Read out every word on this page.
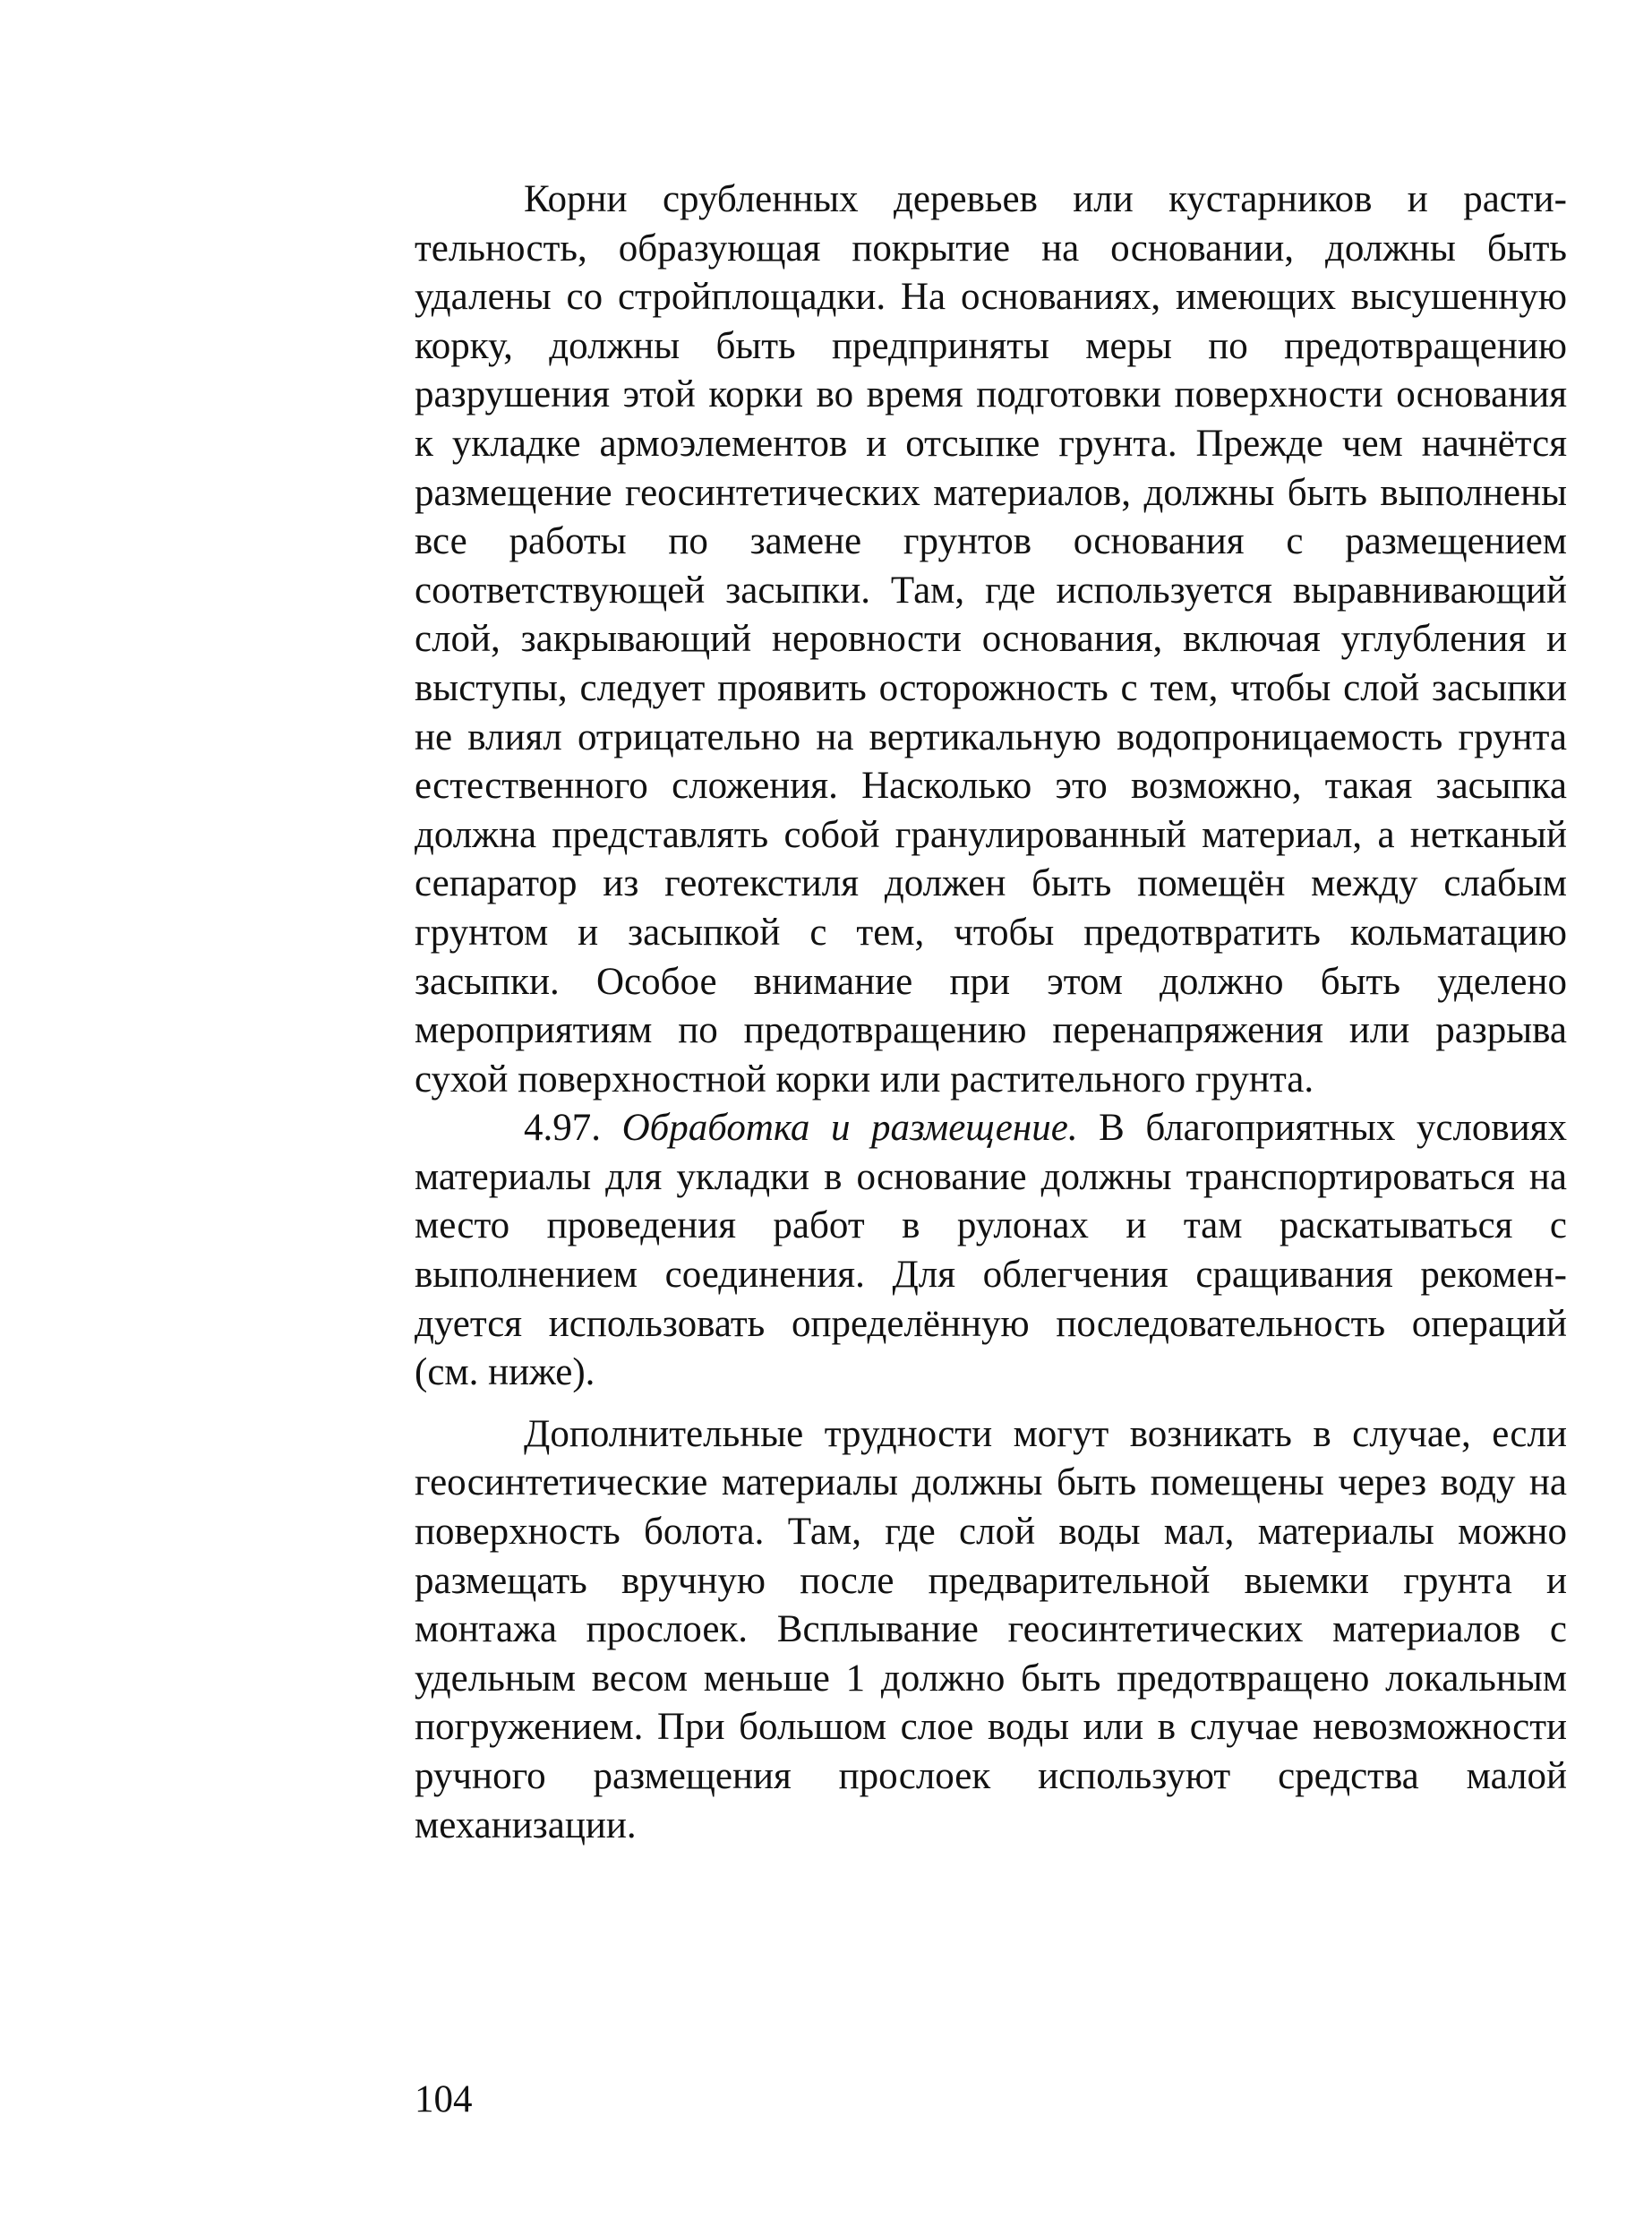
Корни срубленных деревьев или кустарников и растительность, образующая покрытие на основании, должны быть удалены со стройплощадки. На основаниях, имеющих высушенную корку, должны быть предприняты меры по предотвращению разрушения этой корки во время подготовки поверхности основания к укладке армоэлементов и отсыпке грунта. Прежде чем начнётся размещение геосинтетических материалов, должны быть выполнены все работы по замене грунтов основания с размещением соответствующей засыпки. Там, где используется выравнивающий слой, закрывающий неровности основания, включая углубления и выступы, следует проявить осторожность с тем, чтобы слой засыпки не влиял отрицательно на вертикальную водопроницаемость грунта естественного сложения. Насколько это возможно, такая засыпка должна представлять собой гранулированный материал, а нетканый сепаратор из геотекстиля должен быть помещён между слабым грунтом и засыпкой с тем, чтобы предотвратить кольматацию засыпки. Особое внимание при этом должно быть уделено мероприятиям по предотвращению перенапряжения или разрыва сухой поверхностной корки или растительного грунта.

4.97. Обработка и размещение. В благоприятных условиях материалы для укладки в основание должны транспортироваться на место проведения работ в рулонах и там раскатываться с выполнением соединения. Для облегчения сращивания рекомендуется использовать определённую последовательность операций (см. ниже).

Дополнительные трудности могут возникать в случае, если геосинтетические материалы должны быть помещены через воду на поверхность болота. Там, где слой воды мал, материалы можно размещать вручную после предварительной выемки грунта и монтажа прослоек. Всплывание геосинтетических материалов с удельным весом меньше 1 должно быть предотвращено локальным погружением. При большом слое воды или в случае невозможности ручного размещения прослоек используют средства малой механизации.

104
